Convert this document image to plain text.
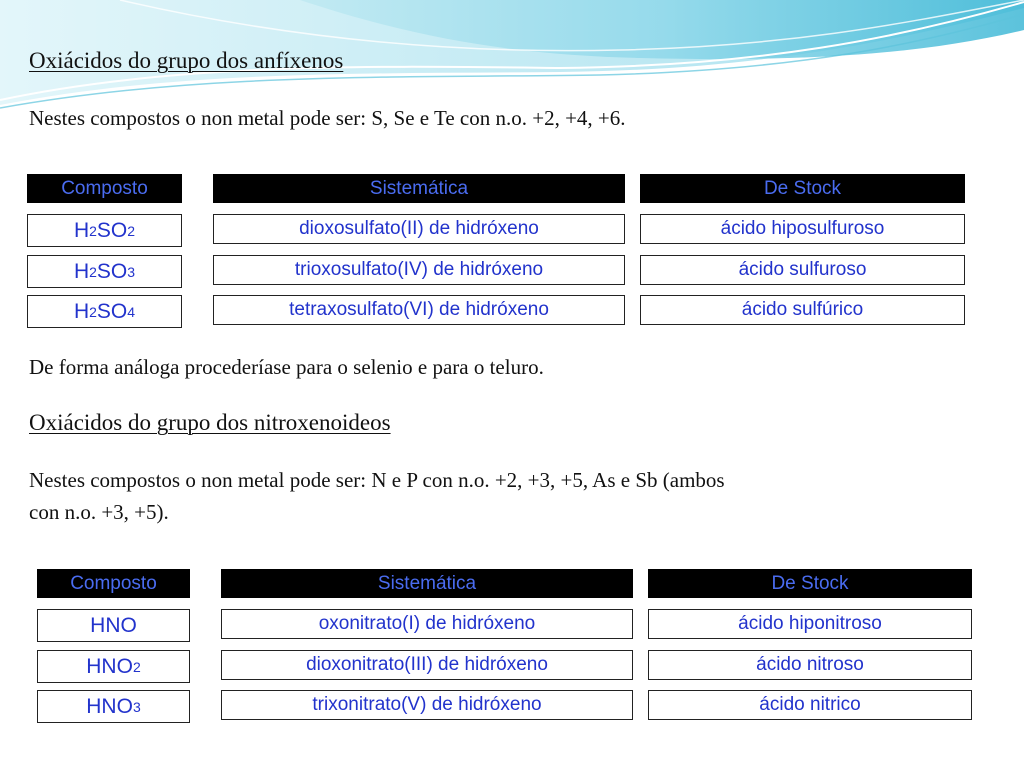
Oxiácidos do grupo dos anfíxenos

Nestes compostos o non metal pode ser: S, Se e Te con n.o. +2, +4, +6.

Composto	Sistemática	De Stock
H 2 SO 2	dioxosulfato(II) de hidróxeno	ácido hiposulfuroso
H 2 SO 3	trioxosulfato(IV) de hidróxeno	ácido sulfuroso
H 2 SO 4	tetraxosulfato(VI) de hidróxeno	ácido sulfúrico

De forma análoga procederíase para o selenio e para o teluro.

Oxiácidos do grupo dos nitroxenoideos

Nestes compostos o non metal pode ser: N e P con n.o. +2, +3, +5, As e Sb (ambos

con n.o. +3, +5).

Composto	Sistemática	De Stock
HNO	oxonitrato(I) de hidróxeno	ácido hiponitroso
HNO 2	dioxonitrato(III) de hidróxeno	ácido nitroso
HNO 3	trixonitrato(V) de hidróxeno	ácido nitrico
